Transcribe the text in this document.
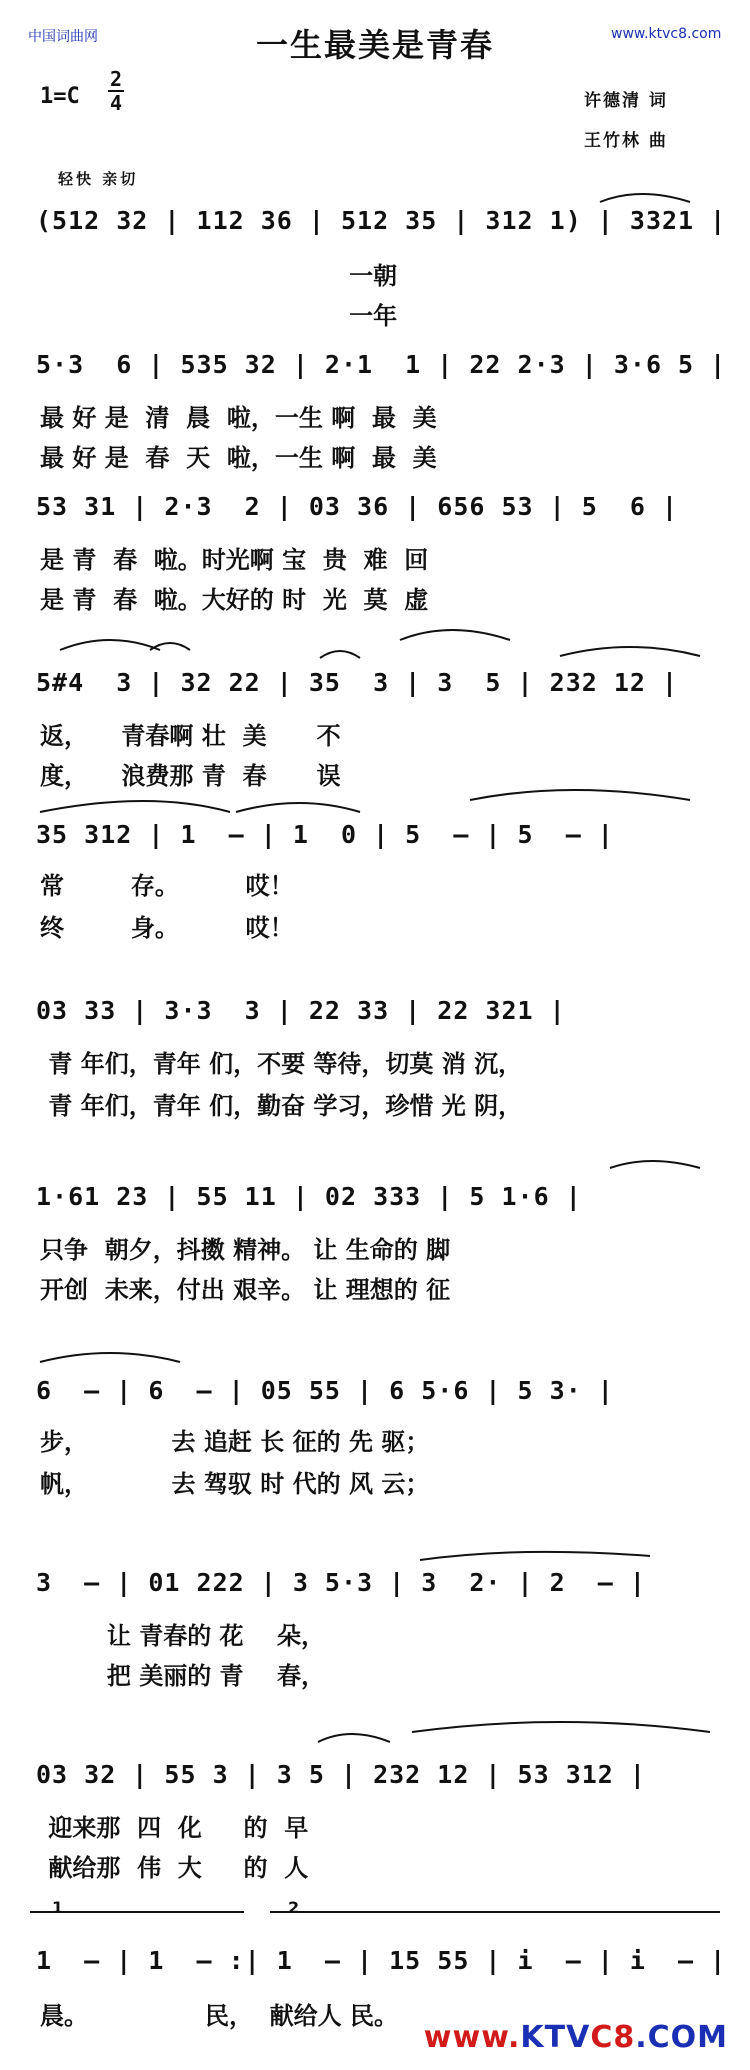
中国词曲网	www.ktvc8.com
一生最美是青春
$1=C \frac{2}{4}$	许德清 词
王竹林 曲
轻快 亲切
(512 32 | 112 36 | 512 35 | 312 1) | 3321 |
一朝
一年
5·3  6 | 535 32 | 2·1  1 | 22 2·3 | 3·6 5 |
最 好 是  清  晨  啦，一生 啊  最  美
最 好 是  春  天  啦，一生 啊  最  美
53 31 | 2·3  2 | 03 36 | 656 53 | 5  6 |
是 青  春  啦。时光啊 宝  贵  难  回
是 青  春  啦。大好的 时  光  莫  虚
5#4  3 | 32 22 | 35  3 | 3  5 | 232 12 |
返，    青春啊 壮  美      不
度，    浪费那 青  春      误
35 312 | 1  — | 1  0 | 5  — | 5  — |
常        存。        哎！
终        身。        哎！
03 33 | 3·3  3 | 22 33 | 22 321 |
青 年们，青年 们，不要 等待，切莫 消 沉，
青 年们，青年 们，勤奋 学习，珍惜 光 阴，
1·61 23 | 55 11 | 02 333 | 5 1·6 |
只争  朝夕，抖擞 精神。 让 生命的 脚
开创  未来，付出 艰辛。 让 理想的 征
6  — | 6  — | 05 55 | 6 5·6 | 5 3· |
步，          去 追赶 长 征的 先 驱；
帆，          去 驾驭 时 代的 风 云；
3  — | 01 222 | 3 5·3 | 3  2· | 2  — |
让 青春的 花    朵，
把 美丽的 青    春，
03 32 | 55 3 | 3 5 | 232 12 | 53 312 |
迎来那  四  化     的  早
献给那  伟  大     的  人
1	2
1  — | 1  — :| 1  — | 15 55 | i  — | i  — |
晨。              民，  献给人 民。
www.KTVC8.COM
